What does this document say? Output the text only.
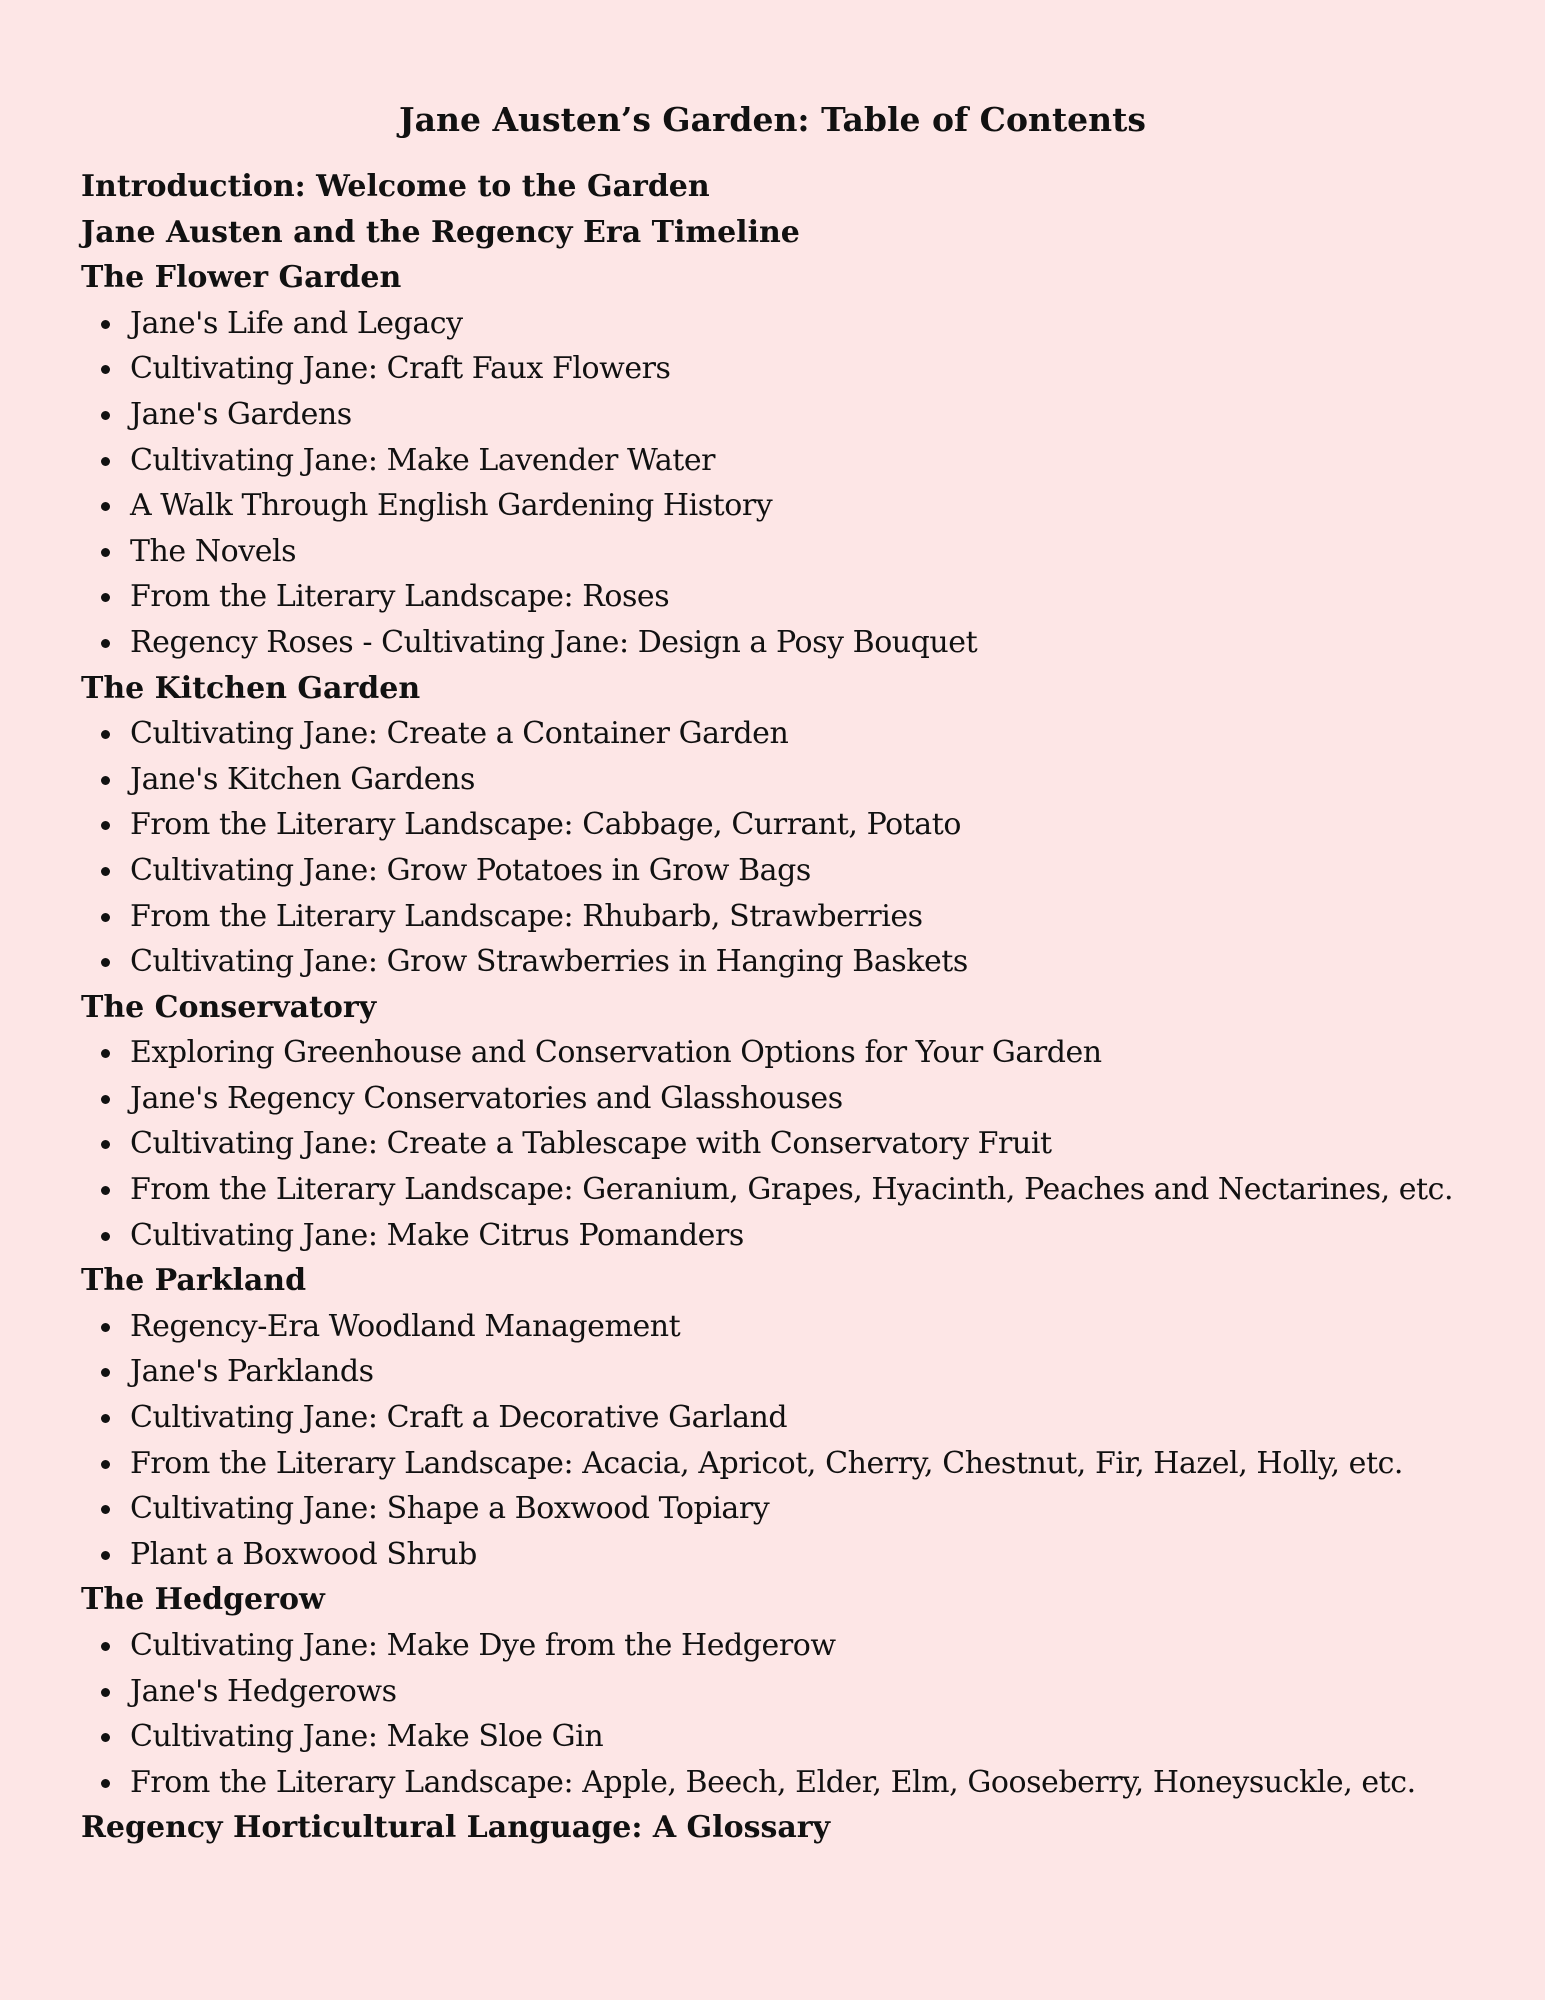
Jane Austen’s Garden: Table of Contents
Introduction: Welcome to the Garden
Jane Austen and the Regency Era Timeline
The Flower Garden
Jane's Life and Legacy
Cultivating Jane: Craft Faux Flowers
Jane's Gardens
Cultivating Jane: Make Lavender Water
A Walk Through English Gardening History
The Novels
From the Literary Landscape: Roses
Regency Roses - Cultivating Jane: Design a Posy Bouquet
The Kitchen Garden
Cultivating Jane: Create a Container Garden
Jane's Kitchen Gardens
From the Literary Landscape: Cabbage, Currant, Potato
Cultivating Jane: Grow Potatoes in Grow Bags
From the Literary Landscape: Rhubarb, Strawberries
Cultivating Jane: Grow Strawberries in Hanging Baskets
The Conservatory
Exploring Greenhouse and Conservation Options for Your Garden
Jane's Regency Conservatories and Glasshouses
Cultivating Jane: Create a Tablescape with Conservatory Fruit
From the Literary Landscape: Geranium, Grapes, Hyacinth, Peaches and Nectarines, etc.
Cultivating Jane: Make Citrus Pomanders
The Parkland
Regency-Era Woodland Management
Jane's Parklands
Cultivating Jane: Craft a Decorative Garland
From the Literary Landscape: Acacia, Apricot, Cherry, Chestnut, Fir, Hazel, Holly, etc.
Cultivating Jane: Shape a Boxwood Topiary
Plant a Boxwood Shrub
The Hedgerow
Cultivating Jane: Make Dye from the Hedgerow
Jane's Hedgerows
Cultivating Jane: Make Sloe Gin
From the Literary Landscape: Apple, Beech, Elder, Elm, Gooseberry, Honeysuckle, etc.
Regency Horticultural Language: A Glossary
